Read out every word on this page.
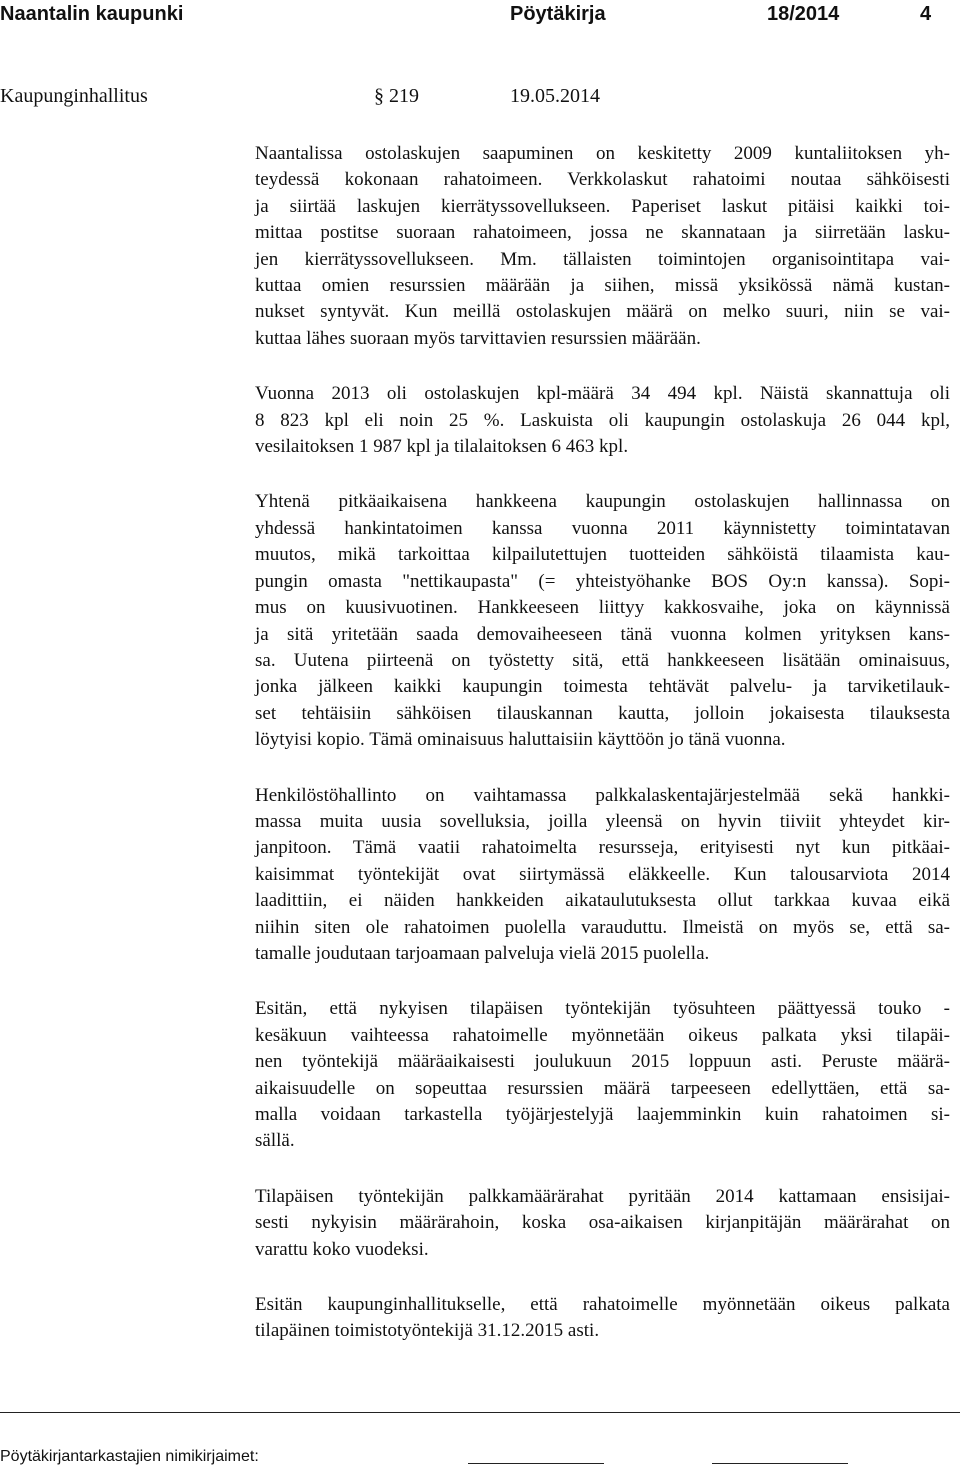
Naantalin kaupunki	Pöytäkirja	18/2014	4
Kaupunginhallitus	§ 219	19.05.2014
Naantalissa ostolaskujen saapuminen on keskitetty 2009 kuntaliitoksen yh-
teydessä kokonaan rahatoimeen. Verkkolaskut rahatoimi noutaa sähköisesti
ja siirtää laskujen kierrätyssovellukseen. Paperiset laskut pitäisi kaikki toi-
mittaa postitse suoraan rahatoimeen, jossa ne skannataan ja siirretään lasku-
jen kierrätyssovellukseen. Mm. tällaisten toimintojen organisointitapa vai-
kuttaa omien resurssien määrään ja siihen, missä yksikössä nämä kustan-
nukset syntyvät. Kun meillä ostolaskujen määrä on melko suuri, niin se vai-
kuttaa lähes suoraan myös tarvittavien resurssien määrään.
Vuonna 2013 oli ostolaskujen kpl-määrä 34 494 kpl. Näistä skannattuja oli
8 823 kpl eli noin 25 %. Laskuista oli kaupungin ostolaskuja 26 044 kpl,
vesilaitoksen 1 987 kpl ja tilalaitoksen 6 463 kpl.
Yhtenä pitkäaikaisena hankkeena kaupungin ostolaskujen hallinnassa on
yhdessä hankintatoimen kanssa vuonna 2011 käynnistetty toimintatavan
muutos, mikä tarkoittaa kilpailutettujen tuotteiden sähköistä tilaamista kau-
pungin omasta "nettikaupasta" (= yhteistyöhanke BOS Oy:n kanssa). Sopi-
mus on kuusivuotinen. Hankkeeseen liittyy kakkosvaihe, joka on käynnissä
ja sitä yritetään saada demovaiheeseen tänä vuonna kolmen yrityksen kans-
sa. Uutena piirteenä on työstetty sitä, että hankkeeseen lisätään ominaisuus,
jonka jälkeen kaikki kaupungin toimesta tehtävät palvelu- ja tarviketilauk-
set tehtäisiin sähköisen tilauskannan kautta, jolloin jokaisesta tilauksesta
löytyisi kopio. Tämä ominaisuus haluttaisiin käyttöön jo tänä vuonna.
Henkilöstöhallinto on vaihtamassa palkkalaskentajärjestelmää sekä hankki-
massa muita uusia sovelluksia, joilla yleensä on hyvin tiiviit yhteydet kir-
janpitoon. Tämä vaatii rahatoimelta resursseja, erityisesti nyt kun pitkäai-
kaisimmat työntekijät ovat siirtymässä eläkkeelle. Kun talousarviota 2014
laadittiin, ei näiden hankkeiden aikataulutuksesta ollut tarkkaa kuvaa eikä
niihin siten ole rahatoimen puolella varauduttu. Ilmeistä on myös se, että sa-
tamalle joudutaan tarjoamaan palveluja vielä 2015 puolella.
Esitän, että nykyisen tilapäisen työntekijän työsuhteen päättyessä touko -
kesäkuun vaihteessa rahatoimelle myönnetään oikeus palkata yksi tilapäi-
nen työntekijä määräaikaisesti joulukuun 2015 loppuun asti. Peruste määrä-
aikaisuudelle on sopeuttaa resurssien määrä tarpeeseen edellyttäen, että sa-
malla voidaan tarkastella työjärjestelyjä laajemminkin kuin rahatoimen si-
sällä.
Tilapäisen työntekijän palkkamäärärahat pyritään 2014 kattamaan ensisijai-
sesti nykyisin määrärahoin, koska osa-aikaisen kirjanpitäjän määrärahat on
varattu koko vuodeksi.
Esitän kaupunginhallitukselle, että rahatoimelle myönnetään oikeus palkata
tilapäinen toimistotyöntekijä 31.12.2015 asti.
Pöytäkirjantarkastajien nimikirjaimet:
